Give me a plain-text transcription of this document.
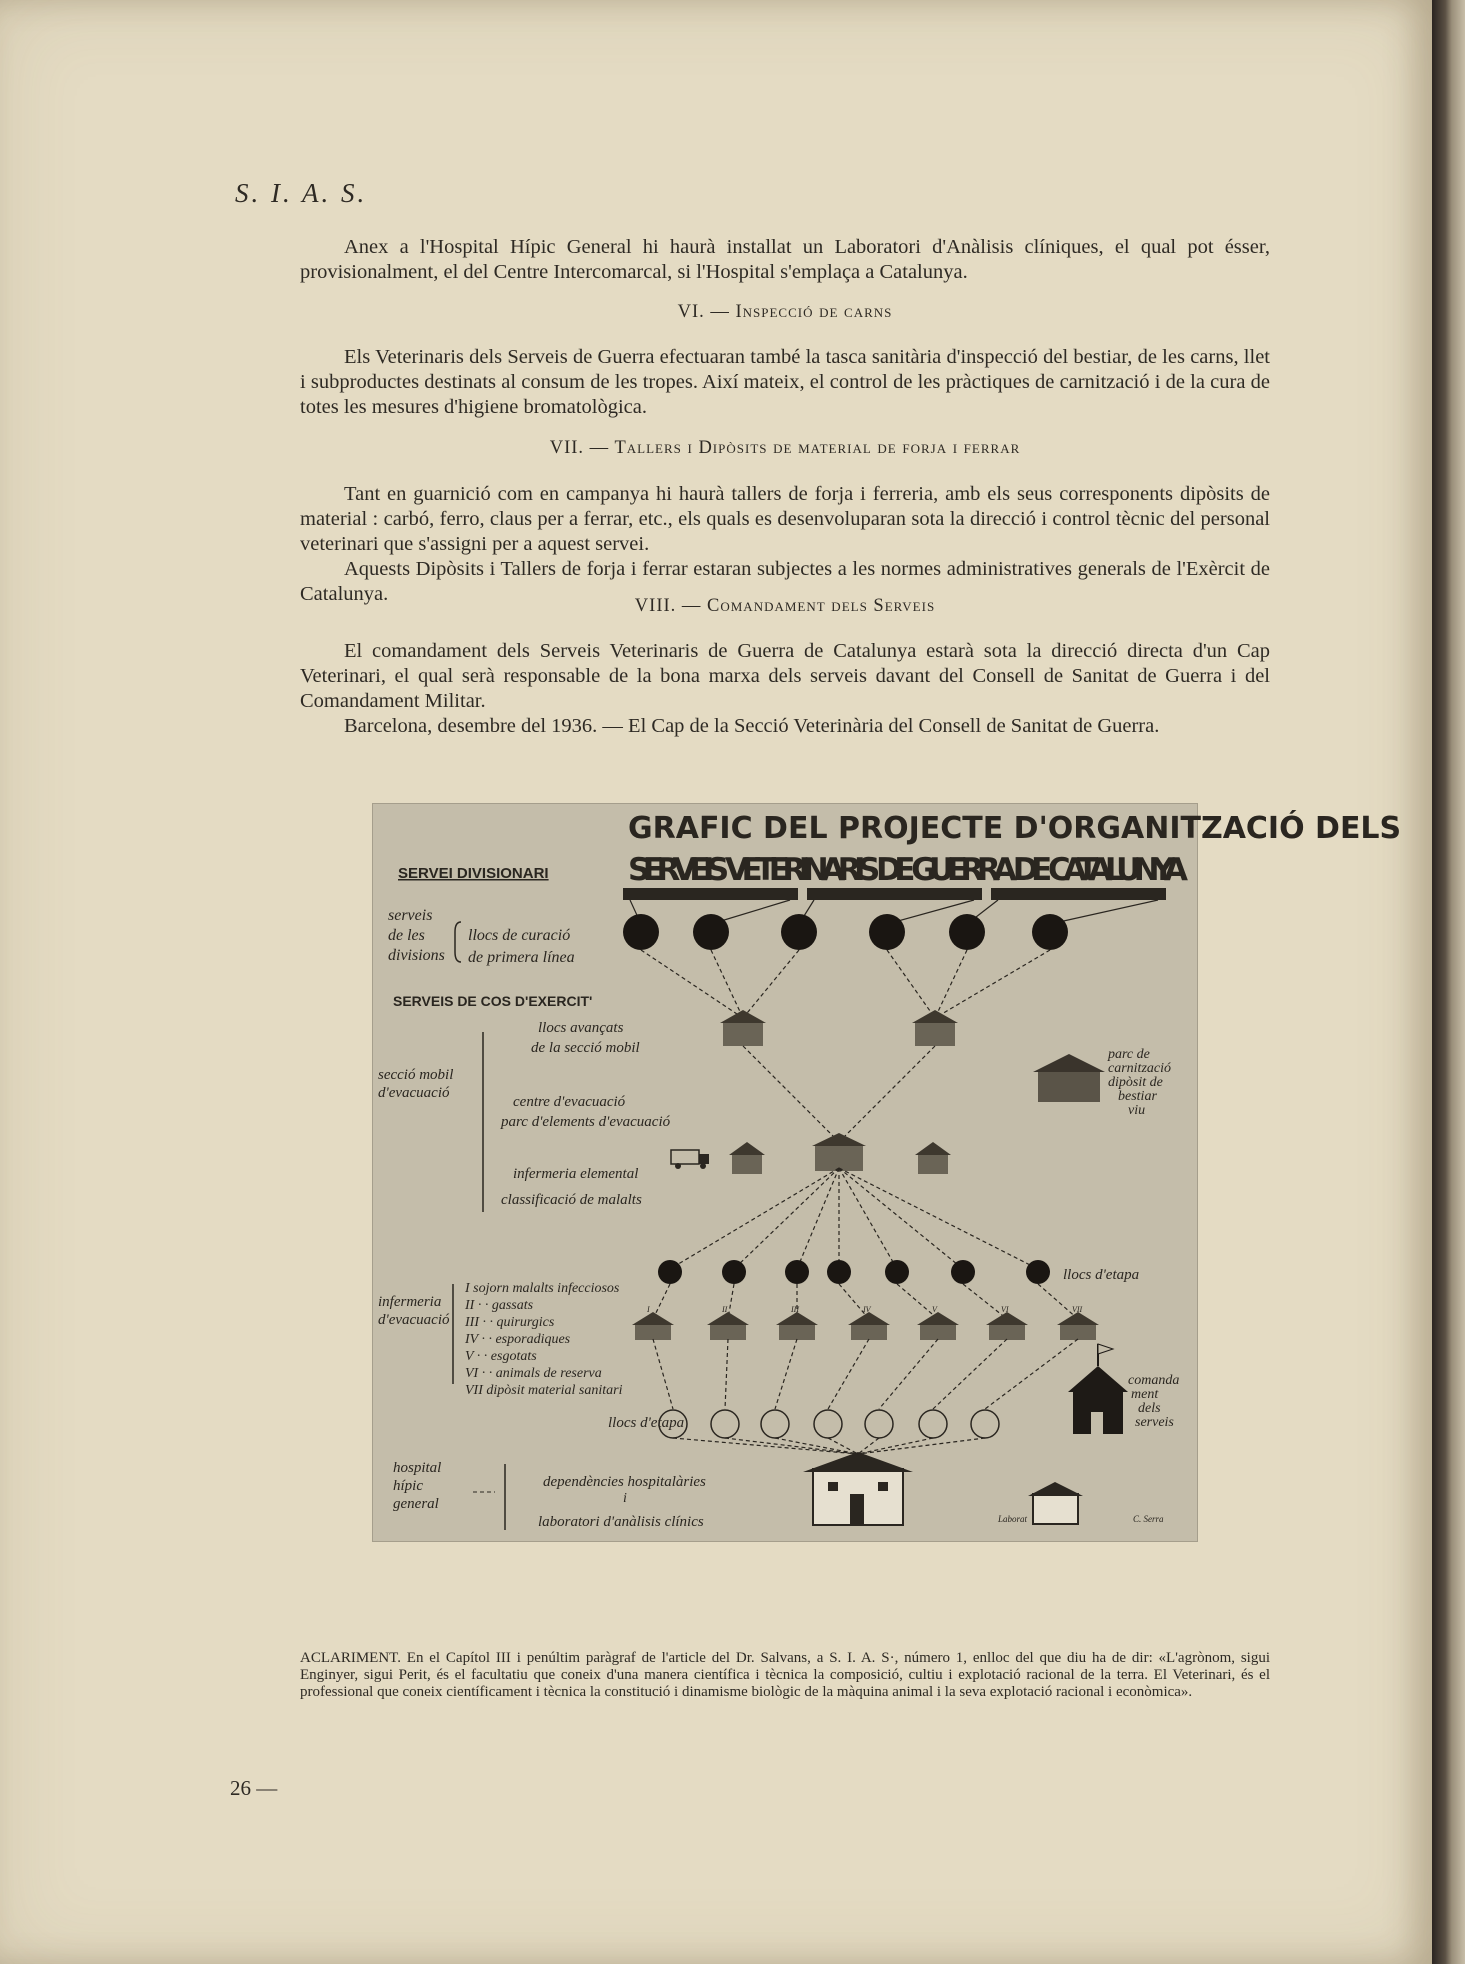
S. I. A. S.

Anex a l'Hospital Hípic General hi haurà installat un Laboratori d'Anàlisis clíniques, el qual pot ésser, provisionalment, el del Centre Intercomarcal, si l'Hospital s'emplaça a Catalunya.

VI. — Inspecció de carns

Els Veterinaris dels Serveis de Guerra efectuaran també la tasca sanitària d'inspecció del bestiar, de les carns, llet i subproductes destinats al consum de les tropes. Així mateix, el control de les pràctiques de carnització i de la cura de totes les mesures d'higiene bromatològica.

VII. — Tallers i Dipòsits de material de forja i ferrar

Tant en guarnició com en campanya hi haurà tallers de forja i ferreria, amb els seus corresponents dipòsits de material : carbó, ferro, claus per a ferrar, etc., els quals es desenvoluparan sota la direcció i control tècnic del personal veterinari que s'assigni per a aquest servei.

Aquests Dipòsits i Tallers de forja i ferrar estaran subjectes a les normes administratives generals de l'Exèrcit de Catalunya.

VIII. — Comandament dels Serveis

El comandament dels Serveis Veterinaris de Guerra de Catalunya estarà sota la direcció directa d'un Cap Veterinari, el qual serà responsable de la bona marxa dels serveis davant del Consell de Sanitat de Guerra i del Comandament Militar.

Barcelona, desembre del 1936. — El Cap de la Secció Veterinària del Consell de Sanitat de Guerra.

GRAFIC DEL PROJECTE D'ORGANITZACIÓ DELS
SERVEIS VETERINARIS DE GUERRA DE CATALUNYA
SERVEI DIVISIONARI
serveis
de les
divisions
llocs de curació
de primera línea
SERVEIS DE COS D'EXERCIT'
llocs avançats
de la secció mobil
secció mobil
d'evacuació
centre d'evacuació
parc d'elements d'evacuació
infermeria elemental
classificació de malalts
parc de
carnització
dipòsit de
bestiar
viu
infermeria
d'evacuació
I sojorn malalts infecciosos
II · · gassats
III · · quirurgics
IV · · esporadiques
V · · esgotats
VI · · animals de reserva
VII dipòsit material sanitari
llocs d'etapa
llocs d'etapa
comanda
ment
dels
serveis
hospital
hípic
general
dependències hospitalàries
i
laboratori d'anàlisis clínics	Laborat	C. Serra
I	II	III	IV	V	VI	VII
ACLARIMENT. En el Capítol III i penúltim paràgraf de l'article del Dr. Salvans, a S. I. A. S·, número 1, enlloc del que diu ha de dir: «L'agrònom, sigui Enginyer, sigui Perit, és el facultatiu que coneix d'una manera científica i tècnica la composició, cultiu i explotació racional de la terra. El Veterinari, és el professional que coneix científicament i tècnica la constitució i dinamisme biològic de la màquina animal i la seva explotació racional i econòmica».
26 —
